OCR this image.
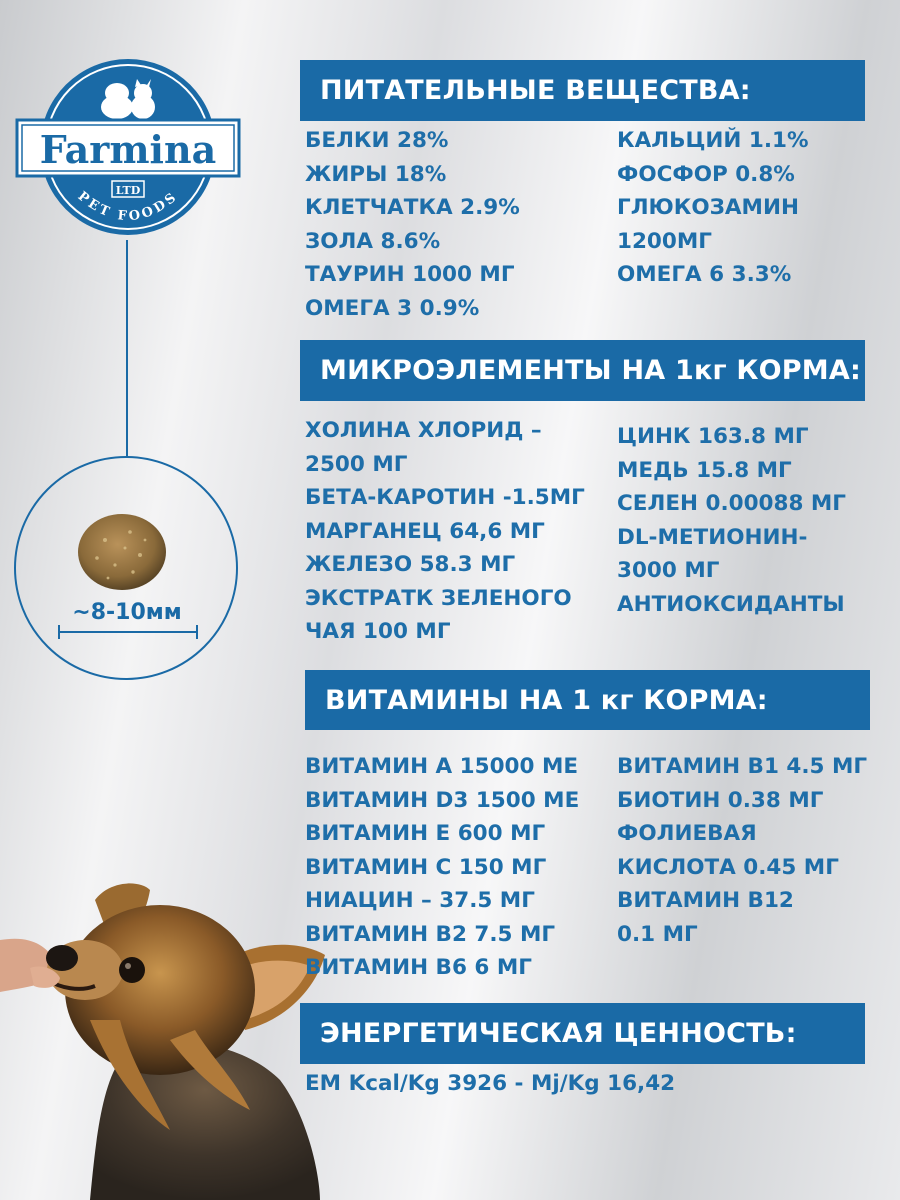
Farmina
LTD
PET FOODS
~8-10мм
ПИТАТЕЛЬНЫЕ ВЕЩЕСТВА:
БЕЛКИ 28%
ЖИРЫ 18%
КЛЕТЧАТКА 2.9%
ЗОЛА 8.6%
ТАУРИН 1000 МГ
ОМЕГА 3 0.9%
КАЛЬЦИЙ 1.1%
ФОСФОР 0.8%
ГЛЮКОЗАМИН
1200МГ
ОМЕГА 6 3.3%
МИКРОЭЛЕМЕНТЫ НА 1кг КОРМА:
ХОЛИНА ХЛОРИД –
2500 МГ
БЕТА-КАРОТИН -1.5МГ
МАРГАНЕЦ 64,6 МГ
ЖЕЛЕЗО 58.3 МГ
ЭКСТРАТК ЗЕЛЕНОГО
ЧАЯ 100 МГ
ЦИНК 163.8 МГ
МЕДЬ 15.8 МГ
СЕЛЕН 0.00088 МГ
DL-МЕТИОНИН-
3000 МГ
АНТИОКСИДАНТЫ
ВИТАМИНЫ НА 1 кг КОРМА:
ВИТАМИН А 15000 МЕ
ВИТАМИН D3 1500 МЕ
ВИТАМИН Е 600 МГ
ВИТАМИН С 150 МГ
НИАЦИН – 37.5 МГ
ВИТАМИН В2 7.5 МГ
ВИТАМИН В6 6 МГ
ВИТАМИН В1 4.5 МГ
БИОТИН 0.38 МГ
ФОЛИЕВАЯ
КИСЛОТА 0.45 МГ
ВИТАМИН В12
0.1 МГ
ЭНЕРГЕТИЧЕСКАЯ ЦЕННОСТЬ:
EM Kcal/Kg 3926 - Mj/Kg 16,42
